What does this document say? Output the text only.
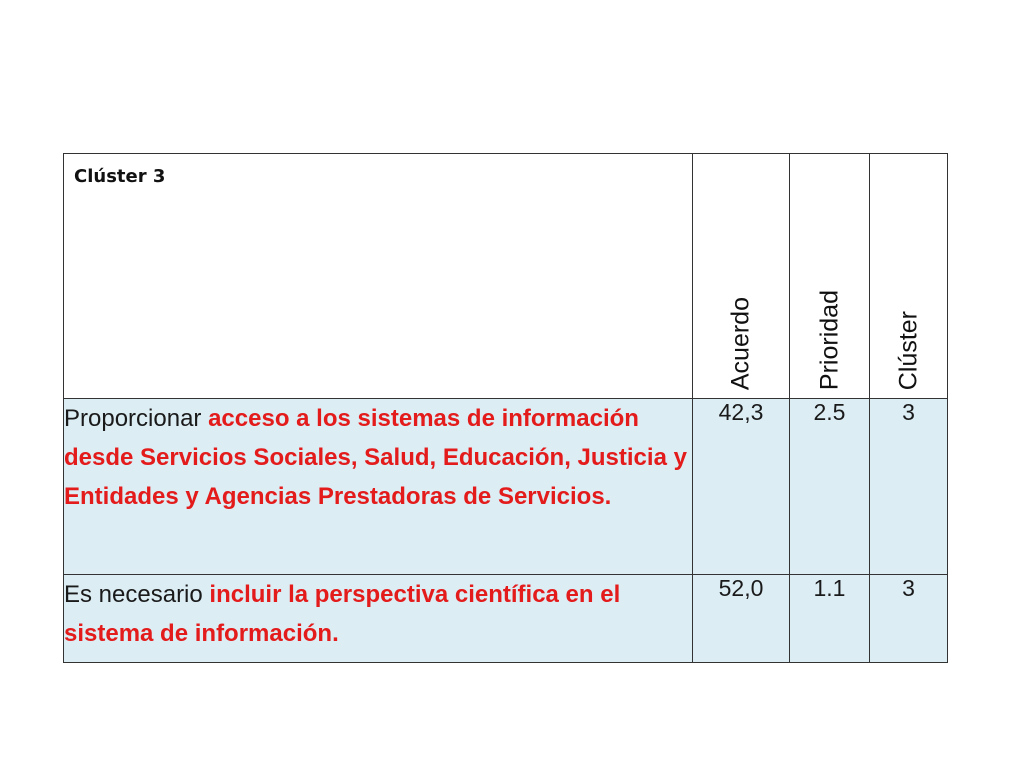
Clúster 3	Acuerdo	Prioridad	Clúster

Proporcionar acceso a los sistemas de información desde Servicios Sociales, Salud, Educación, Justicia y Entidades y Agencias Prestadoras de Servicios.	42,3	2.5	3
Es necesario incluir la perspectiva científica en el sistema de información.	52,0	1.1	3
